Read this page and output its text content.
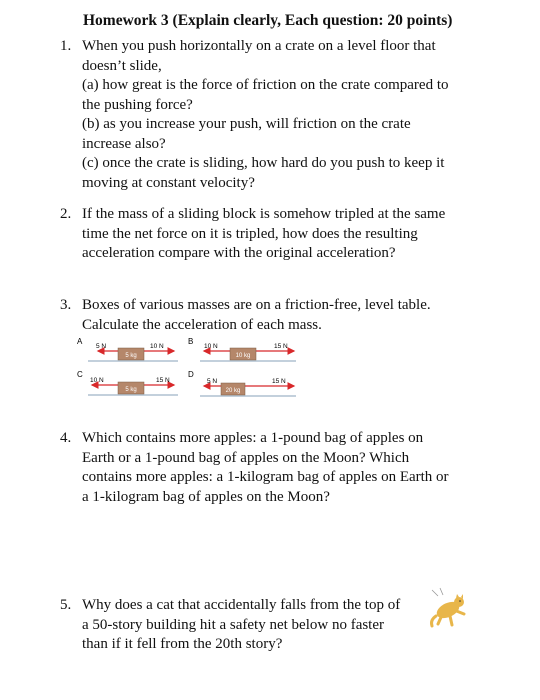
Homework 3 (Explain clearly, Each question: 20 points)
1. When you push horizontally on a crate on a level floor that
doesn’t slide,
(a) how great is the force of friction on the crate compared to
the pushing force?
(b) as you increase your push, will friction on the crate
increase also?
(c) once the crate is sliding, how hard do you push to keep it
moving at constant velocity?
2. If the mass of a sliding block is somehow tripled at the same
time the net force on it is tripled, how does the resulting
acceleration compare with the original acceleration?
3. Boxes of various masses are on a friction-free, level table.
Calculate the acceleration of each mass.
A
5 kg
5 N	10 N
B
10 kg
10 N	15 N
C
5 kg
10 N	15 N
D
20 kg
5 N	15 N
4. Which contains more apples: a 1-pound bag of apples on
Earth or a 1-pound bag of apples on the Moon? Which
contains more apples: a 1-kilogram bag of apples on Earth or
a 1-kilogram bag of apples on the Moon?
5. Why does a cat that accidentally falls from the top of
a 50-story building hit a safety net below no faster
than if it fell from the 20th story?
